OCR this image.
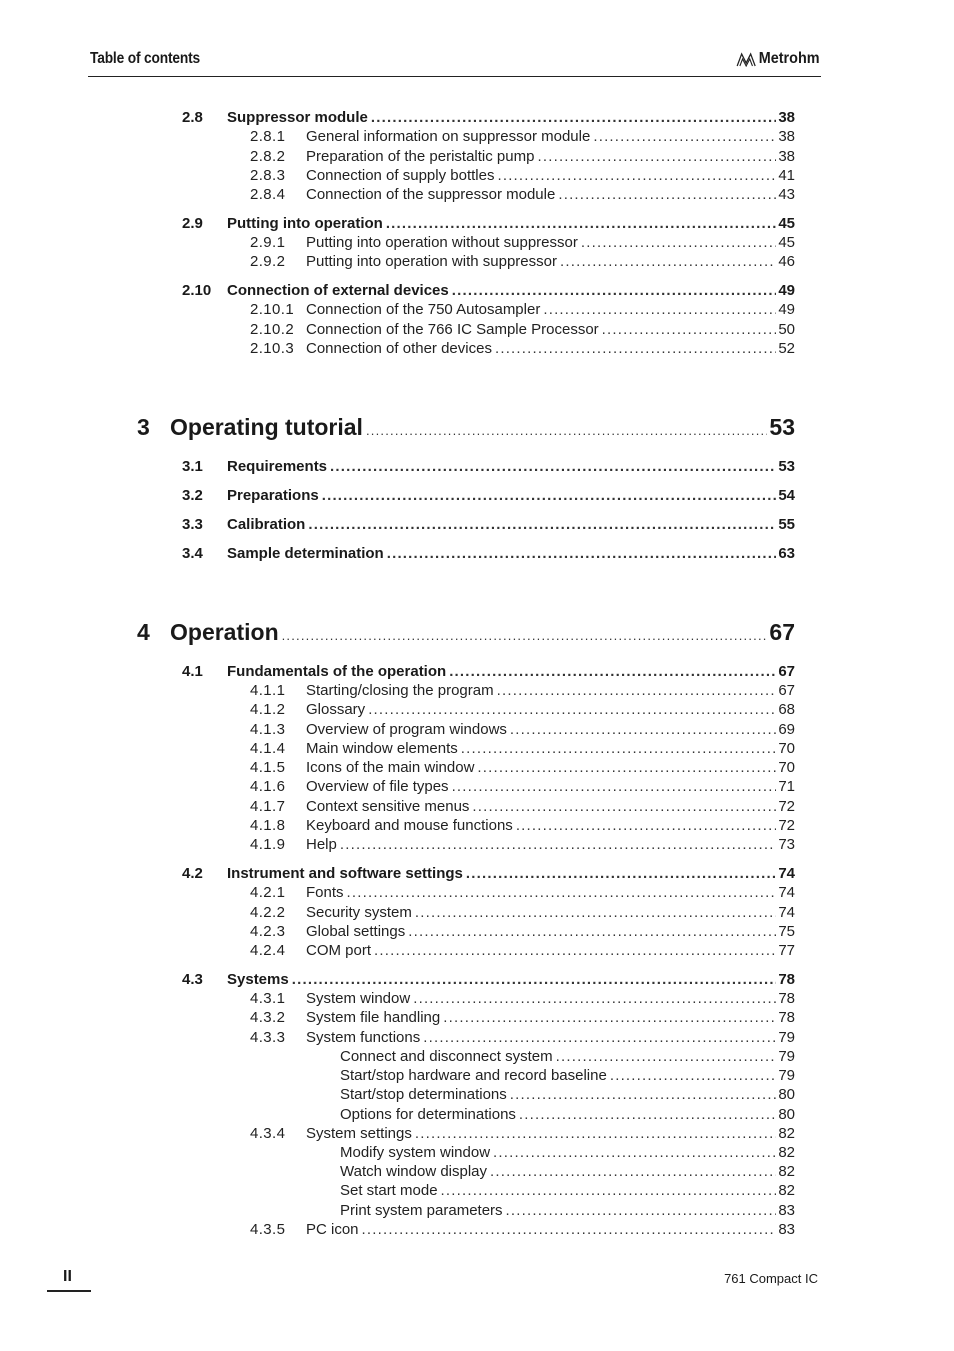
Table of contents	Metrohm
2.8	Suppressor module .....	38
2.8.1	General information on suppressor module .....	38
2.8.2	Preparation of the peristaltic pump .....	38
2.8.3	Connection of supply bottles .....	41
2.8.4	Connection of the suppressor module .....	43
2.9	Putting into operation .....	45
2.9.1	Putting into operation without suppressor .....	45
2.9.2	Putting into operation with suppressor .....	46
2.10	Connection of external devices .....	49
2.10.1 Connection of the 750 Autosampler .....	49
2.10.2 Connection of the 766 IC Sample Processor .....	50
2.10.3 Connection of other devices .....	52
3 Operating tutorial .....	53
3.1	Requirements .....	53
3.2	Preparations .....	54
3.3	Calibration .....	55
3.4	Sample determination .....	63
4 Operation .....	67
4.1	Fundamentals of the operation .....	67
4.1.1	Starting/closing the program .....	67
4.1.2	Glossary .....	68
4.1.3	Overview of program windows .....	69
4.1.4	Main window elements .....	70
4.1.5	Icons of the main window .....	70
4.1.6	Overview of file types .....	71
4.1.7	Context sensitive menus .....	72
4.1.8	Keyboard and mouse functions .....	72
4.1.9	Help .....	73
4.2	Instrument and software settings .....	74
4.2.1	Fonts .....	74
4.2.2	Security system .....	74
4.2.3	Global settings .....	75
4.2.4	COM port .....	77
4.3	Systems .....	78
4.3.1	System window .....	78
4.3.2	System file handling .....	78
4.3.3	System functions .....	79
Connect and disconnect system .....	79
Start/stop hardware and record baseline .....	79
Start/stop determinations .....	80
Options for determinations .....	80
4.3.4	System settings .....	82
Modify system window .....	82
Watch window display .....	82
Set start mode .....	82
Print system parameters .....	83
4.3.5	PC icon .....	83
II	761 Compact IC
